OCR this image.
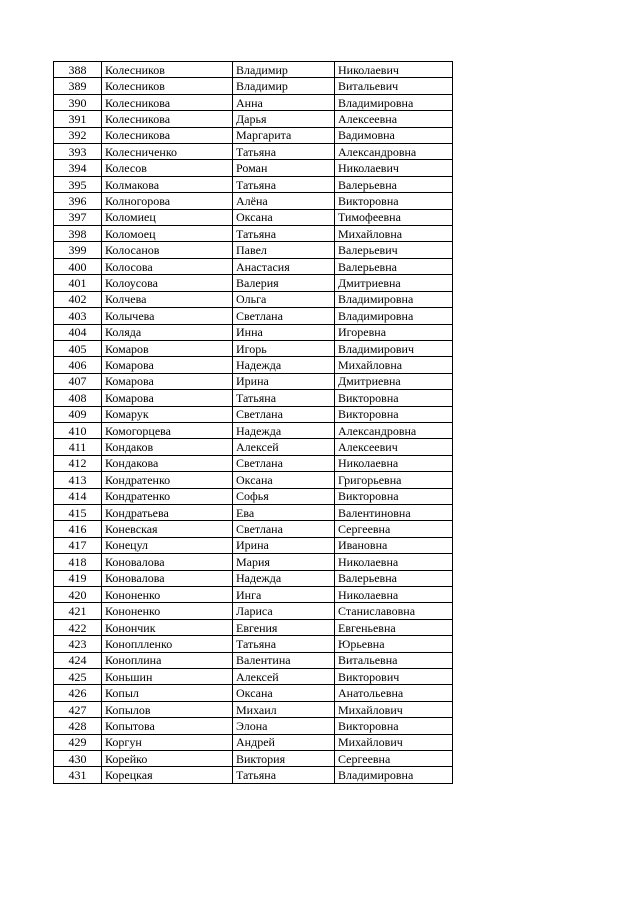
388	Колесников	Владимир	Николаевич
389	Колесников	Владимир	Витальевич
390	Колесникова	Анна	Владимировна
391	Колесникова	Дарья	Алексеевна
392	Колесникова	Маргарита	Вадимовна
393	Колесниченко	Татьяна	Александровна
394	Колесов	Роман	Николаевич
395	Колмакова	Татьяна	Валерьевна
396	Колногорова	Алёна	Викторовна
397	Коломиец	Оксана	Тимофеевна
398	Коломоец	Татьяна	Михайловна
399	Колосанов	Павел	Валерьевич
400	Колосова	Анастасия	Валерьевна
401	Колоусова	Валерия	Дмитриевна
402	Колчева	Ольга	Владимировна
403	Колычева	Светлана	Владимировна
404	Коляда	Инна	Игоревна
405	Комаров	Игорь	Владимирович
406	Комарова	Надежда	Михайловна
407	Комарова	Ирина	Дмитриевна
408	Комарова	Татьяна	Викторовна
409	Комарук	Светлана	Викторовна
410	Комогорцева	Надежда	Александровна
411	Кондаков	Алексей	Алексеевич
412	Кондакова	Светлана	Николаевна
413	Кондратенко	Оксана	Григорьевна
414	Кондратенко	Софья	Викторовна
415	Кондратьева	Ева	Валентиновна
416	Коневская	Светлана	Сергеевна
417	Конецул	Ирина	Ивановна
418	Коновалова	Мария	Николаевна
419	Коновалова	Надежда	Валерьевна
420	Кононенко	Инга	Николаевна
421	Кононенко	Лариса	Станиславовна
422	Конончик	Евгения	Евгеньевна
423	Коноплленко	Татьяна	Юрьевна
424	Коноплина	Валентина	Витальевна
425	Коньшин	Алексей	Викторович
426	Копыл	Оксана	Анатольевна
427	Копылов	Михаил	Михайлович
428	Копытова	Элона	Викторовна
429	Коргун	Андрей	Михайлович
430	Корейко	Виктория	Сергеевна
431	Корецкая	Татьяна	Владимировна
